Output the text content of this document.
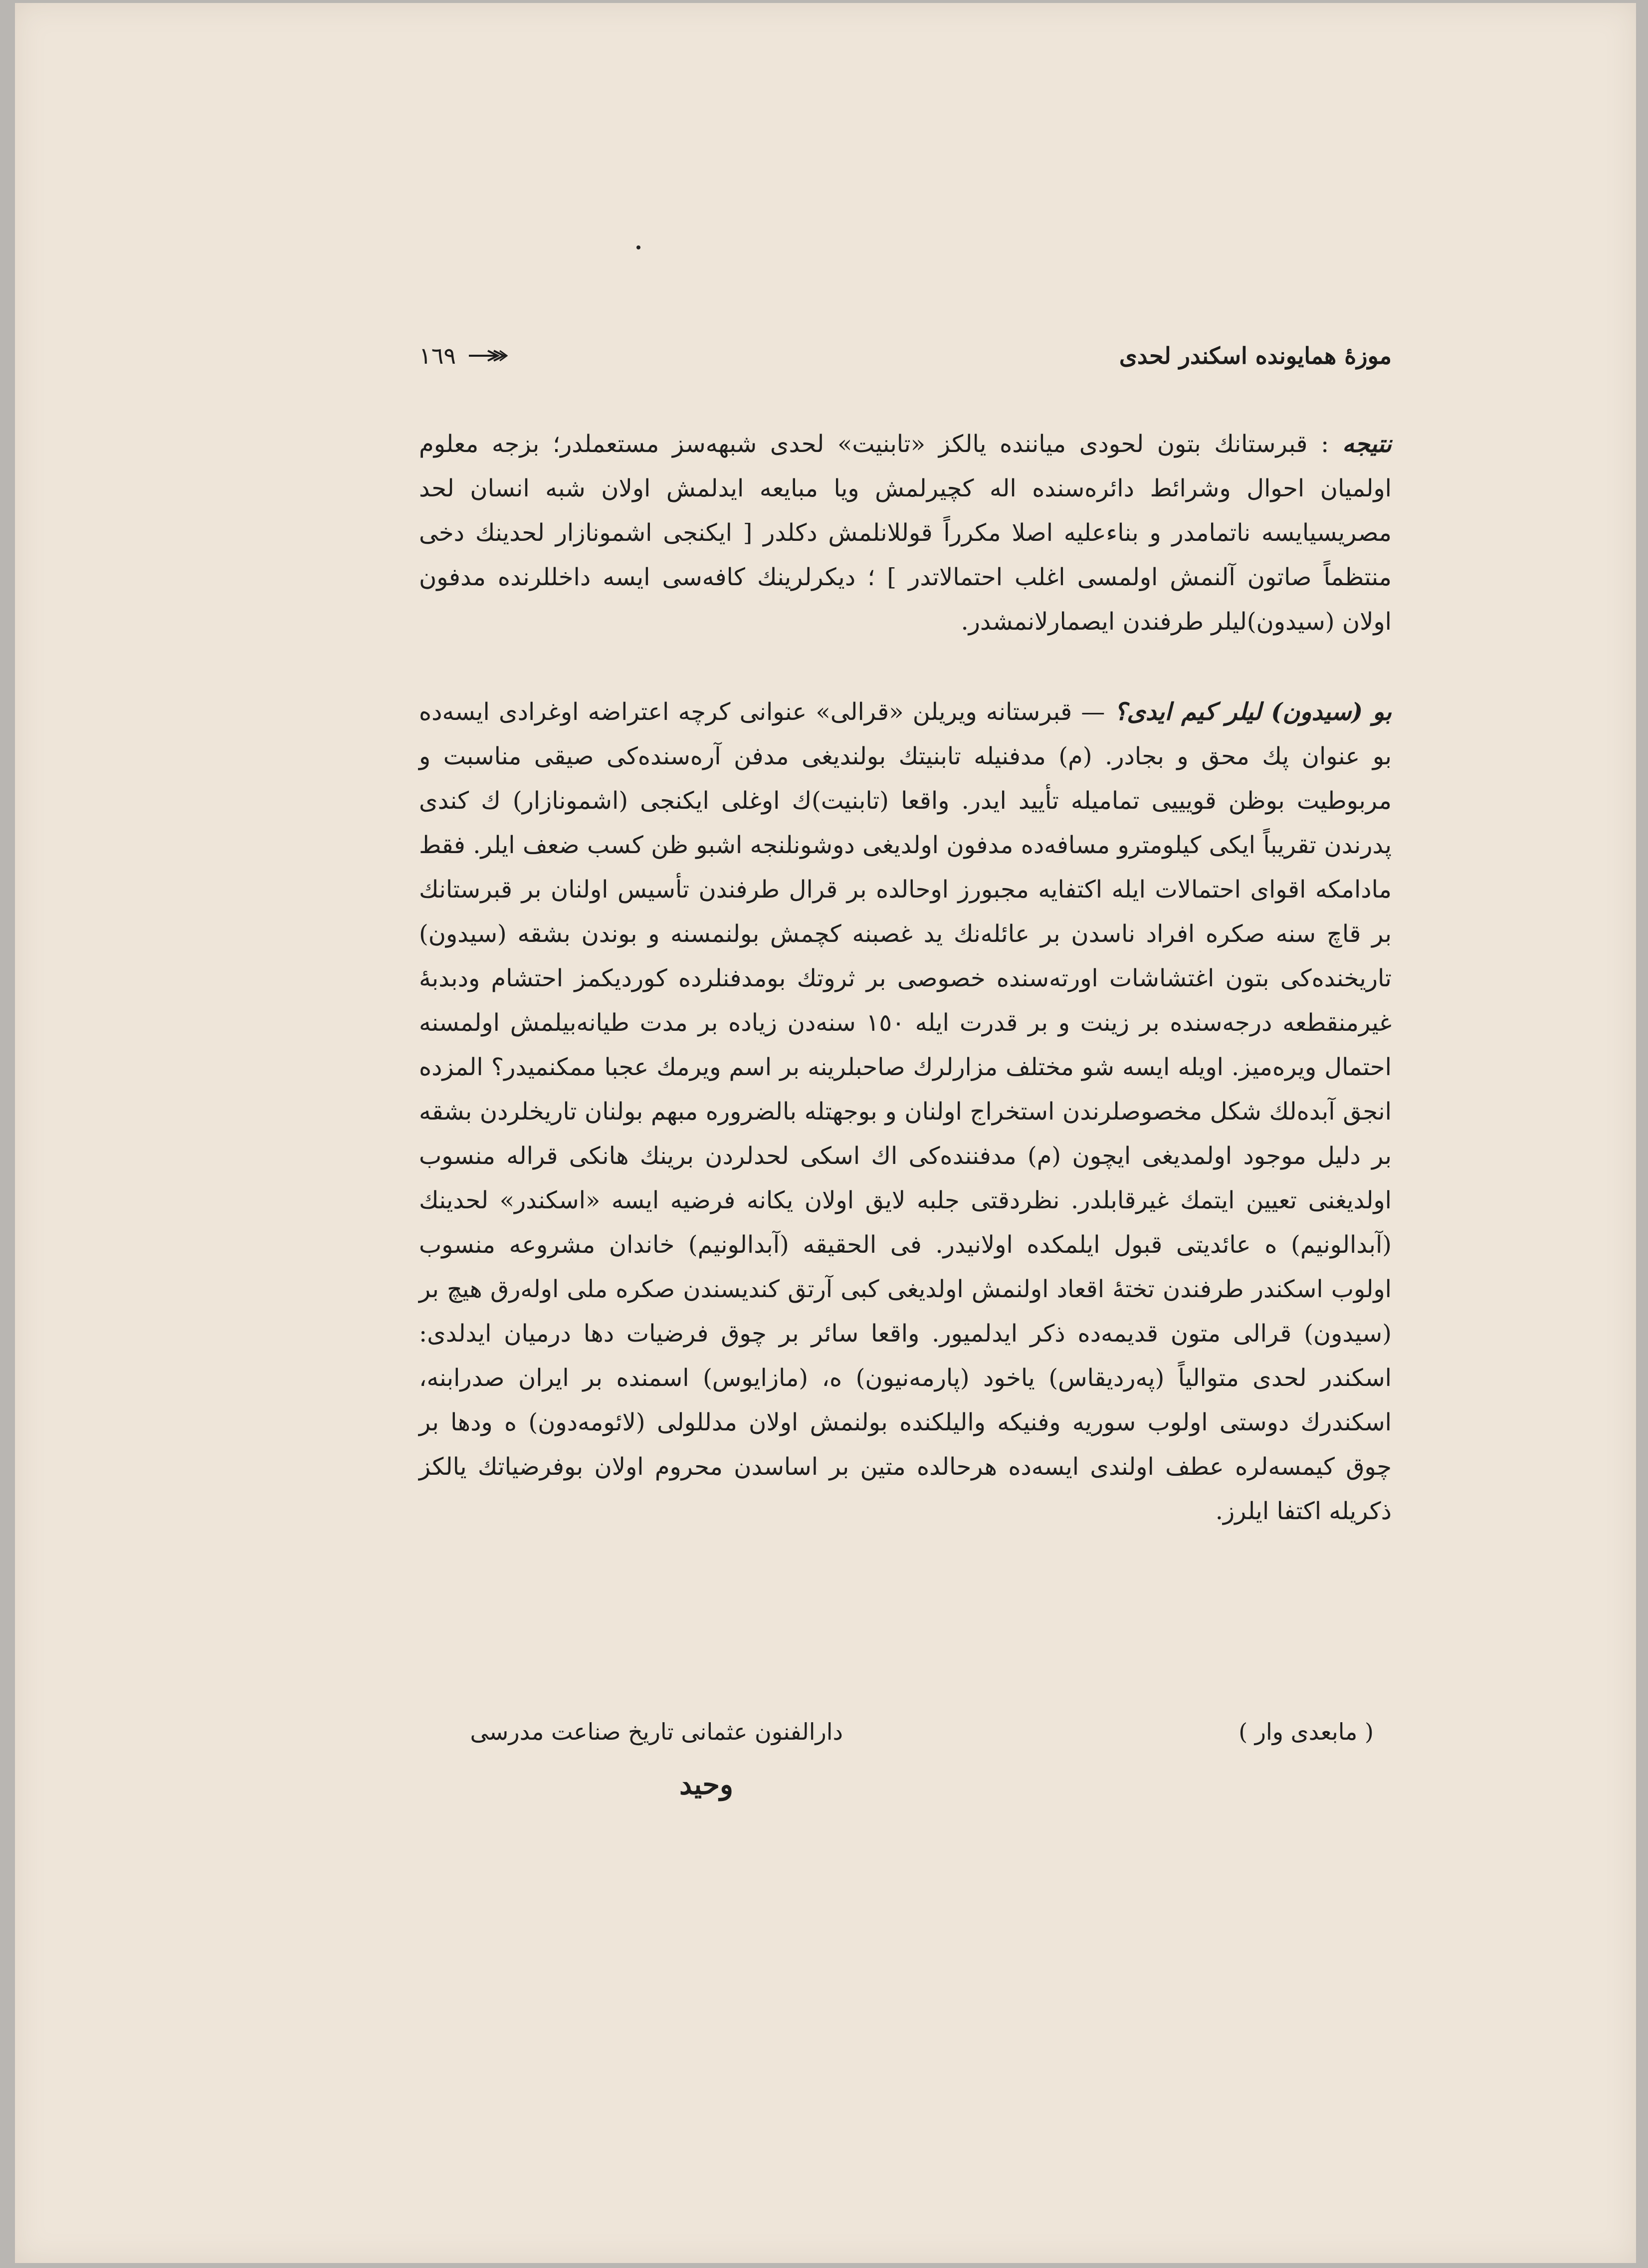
موزهٔ همایونده اسکندر لحدی
١٦٩

نتیجه : قبرستانك بتون لحودی میانندە یالکز «تابنیت» لحدی شبهەسز مستعملدر؛ بزجه معلوم اولمیان احوال وشرائط دائرەسندە اله کچیرلمش ویا مبایعه ایدلمش اولان شبه انسان لحد مصریسیایسه ناتمامدر و بناءعلیه اصلا مکرراً قوللانلمش دکلدر [ ایکنجی اشمونازار لحدینك دخی منتظماً صاتون آلنمش اولمسی اغلب احتمالاتدر ] ؛ دیکرلرینك کافەسی ایسه داخللرندە مدفون اولان (سیدون)لیلر طرفندن ایصمارلانمشدر.

بو (سیدون) لیلر کیم ایدی؟ — قبرستانه ویریلن «قرالی» عنوانی کرچه اعتراضه اوغرادی ایسەدە بو عنوان پك محق و بجادر. (م) مدفنیله تابنیتك بولندیغی مدفن آرەسندەکی صیقی مناسبت و مربوطیت بوظن قویییی تماميله تأیید ایدر. واقعا (تابنیت)ك اوغلی ایکنجی (اشمونازار) ك کندی پدرندن تقریباً ایکی کیلومترو مسافەدە مدفون اولدیغی دوشونلنجه اشبو ظن کسب ضعف ایلر. فقط مادامکه اقوای احتمالات ایله اکتفایه مجبورز اوحالدە بر قرال طرفندن تأسیس اولنان بر قبرستانك بر قاچ سنه صکره افراد ناسدن بر عائلەنك ید غصبنه کچمش بولنمسنه و بوندن بشقه (سیدون) تاریخندەکی بتون اغتشاشات اورتەسندە خصوصی بر ثروتك بومدفنلردە کوردیکمز احتشام ودبدبهٔ غیرمنقطعه درجەسندە بر زینت و بر قدرت ایله ١٥٠ سنەدن زیادە بر مدت طیانەبیلمش اولمسنه احتمال ویرەمیز. اویله ایسه شو مختلف مزارلرك صاحبلرینه بر اسم ویرمك عجبا ممکنمیدر؟ المزدە انجق آبدەلك شکل مخصوصلرندن استخراج اولنان و بوجهتله بالضرورە مبهم بولنان تاریخلردن بشقه بر دلیل موجود اولمدیغی ایچون (م) مدفنندەکی اك اسکی لحدلردن برینك هانکی قراله منسوب اولدیغنی تعیین ایتمك غیرقابلدر. نظردقتی جلبه لایق اولان یکانه فرضیه ایسه «اسکندر» لحدینك (آبدالونیم) ە عائدیتی قبول ایلمکدە اولانیدر. فی الحقیقه (آبدالونیم) خاندان مشروعه منسوب اولوب اسکندر طرفندن تختهٔ اقعاد اولنمش اولدیغی کبی آرتق کندیسندن صکره ملی اولەرق هیچ بر (سیدون) قرالی متون قدیمەدە ذکر ایدلمیور. واقعا سائر بر چوق فرضیات دها درمیان ایدلدی: اسکندر لحدی متوالیاً (پەردیقاس) یاخود (پارمەنیون) ە، (مازایوس) اسمندە بر ایران صدرابنه، اسکندرك دوستی اولوب سوریه وفنیکه والیلکندە بولنمش اولان مدللولی (لائومەدون) ە ودها بر چوق کیمسەلرە عطف اولندی ایسەدە هرحالدە متین بر اساسدن محروم اولان بوفرضیاتك یالکز ذکریله اکتفا ایلرز.

( مابعدی وار )
دارالفنون عثمانی تاریخ صناعت مدرسی
وحید
